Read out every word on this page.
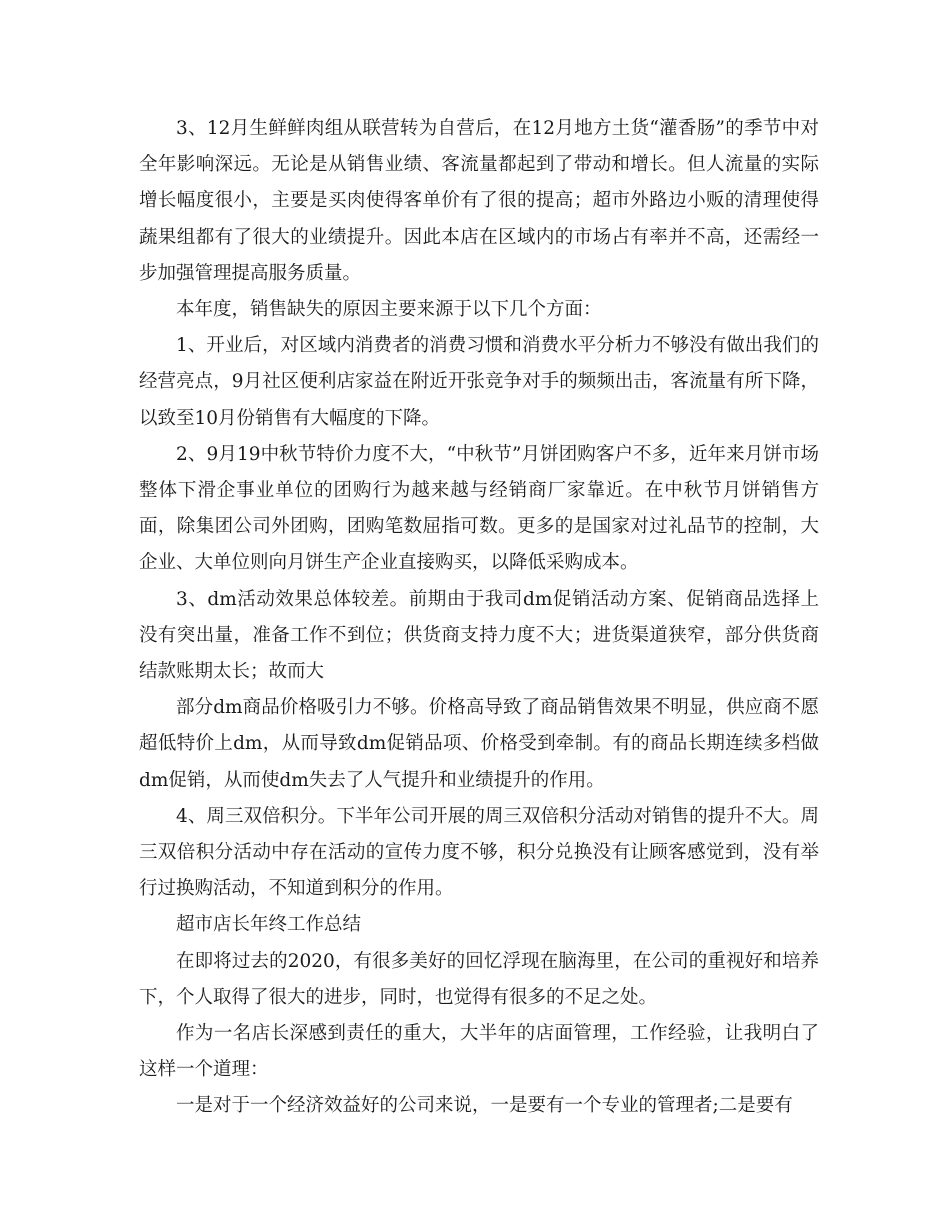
3、12月生鲜鲜肉组从联营转为自营后，在12月地方土货“灌香肠”的季节中对全年影响深远。无论是从销售业绩、客流量都起到了带动和增长。但人流量的实际增长幅度很小，主要是买肉使得客单价有了很的提高；超市外路边小贩的清理使得蔬果组都有了很大的业绩提升。因此本店在区域内的市场占有率并不高，还需经一步加强管理提高服务质量。

本年度，销售缺失的原因主要来源于以下几个方面：

1、开业后，对区域内消费者的消费习惯和消费水平分析力不够没有做出我们的经营亮点，9月社区便利店家益在附近开张竞争对手的频频出击，客流量有所下降，以致至10月份销售有大幅度的下降。

2、9月19中秋节特价力度不大，“中秋节”月饼团购客户不多，近年来月饼市场整体下滑企事业单位的团购行为越来越与经销商厂家靠近。在中秋节月饼销售方面，除集团公司外团购，团购笔数屈指可数。更多的是国家对过礼品节的控制，大企业、大单位则向月饼生产企业直接购买，以降低采购成本。

3、dm活动效果总体较差。前期由于我司dm促销活动方案、促销商品选择上没有突出量，准备工作不到位；供货商支持力度不大；进货渠道狭窄，部分供货商结款账期太长；故而大

部分dm商品价格吸引力不够。价格高导致了商品销售效果不明显，供应商不愿超低特价上dm，从而导致dm促销品项、价格受到牵制。有的商品长期连续多档做dm促销，从而使dm失去了人气提升和业绩提升的作用。

4、周三双倍积分。下半年公司开展的周三双倍积分活动对销售的提升不大。周三双倍积分活动中存在活动的宣传力度不够，积分兑换没有让顾客感觉到，没有举行过换购活动，不知道到积分的作用。

超市店长年终工作总结

在即将过去的2020，有很多美好的回忆浮现在脑海里，在公司的重视好和培养下，个人取得了很大的进步，同时，也觉得有很多的不足之处。

作为一名店长深感到责任的重大，大半年的店面管理，工作经验，让我明白了这样一个道理：

一是对于一个经济效益好的公司来说，一是要有一个专业的管理者;二是要有
